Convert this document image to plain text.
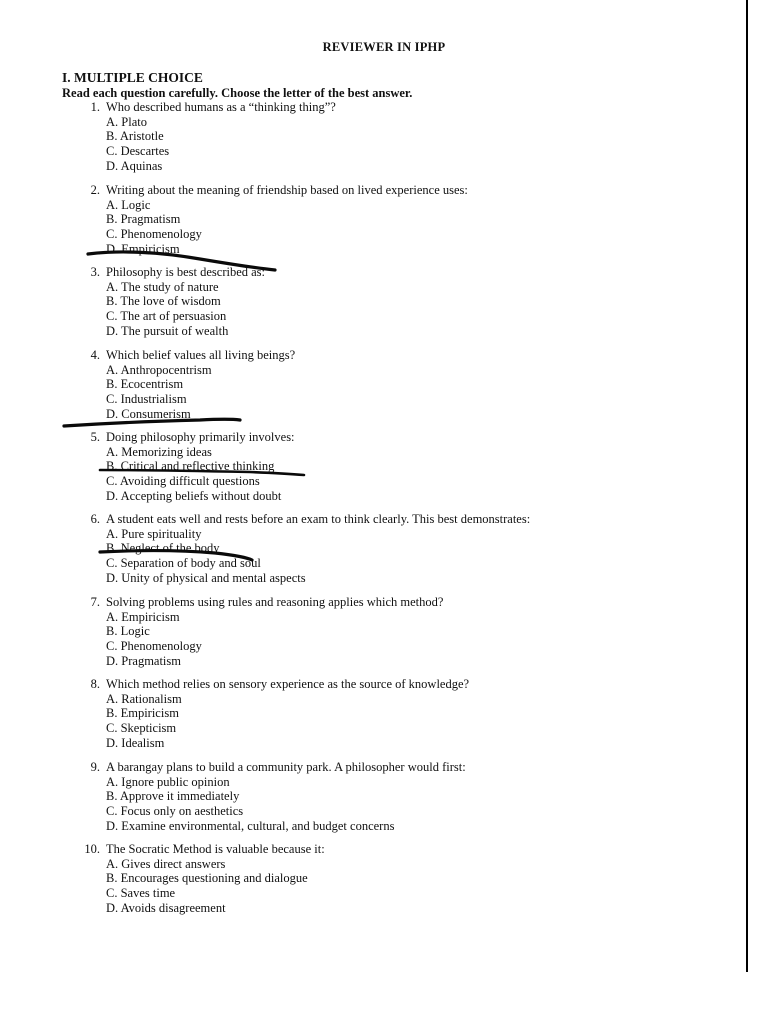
REVIEWER IN IPHP
I. MULTIPLE CHOICE
Read each question carefully. Choose the letter of the best answer.
1. Who described humans as a “thinking thing”?
A. Plato
B. Aristotle
C. Descartes
D. Aquinas
2. Writing about the meaning of friendship based on lived experience uses:
A. Logic
B. Pragmatism
C. Phenomenology
D. Empiricism
3. Philosophy is best described as:
A. The study of nature
B. The love of wisdom
C. The art of persuasion
D. The pursuit of wealth
4. Which belief values all living beings?
A. Anthropocentrism
B. Ecocentrism
C. Industrialism
D. Consumerism
5. Doing philosophy primarily involves:
A. Memorizing ideas
B. Critical and reflective thinking
C. Avoiding difficult questions
D. Accepting beliefs without doubt
6. A student eats well and rests before an exam to think clearly. This best demonstrates:
A. Pure spirituality
B. Neglect of the body
C. Separation of body and soul
D. Unity of physical and mental aspects
7. Solving problems using rules and reasoning applies which method?
A. Empiricism
B. Logic
C. Phenomenology
D. Pragmatism
8. Which method relies on sensory experience as the source of knowledge?
A. Rationalism
B. Empiricism
C. Skepticism
D. Idealism
9. A barangay plans to build a community park. A philosopher would first:
A. Ignore public opinion
B. Approve it immediately
C. Focus only on aesthetics
D. Examine environmental, cultural, and budget concerns
10. The Socratic Method is valuable because it:
A. Gives direct answers
B. Encourages questioning and dialogue
C. Saves time
D. Avoids disagreement
